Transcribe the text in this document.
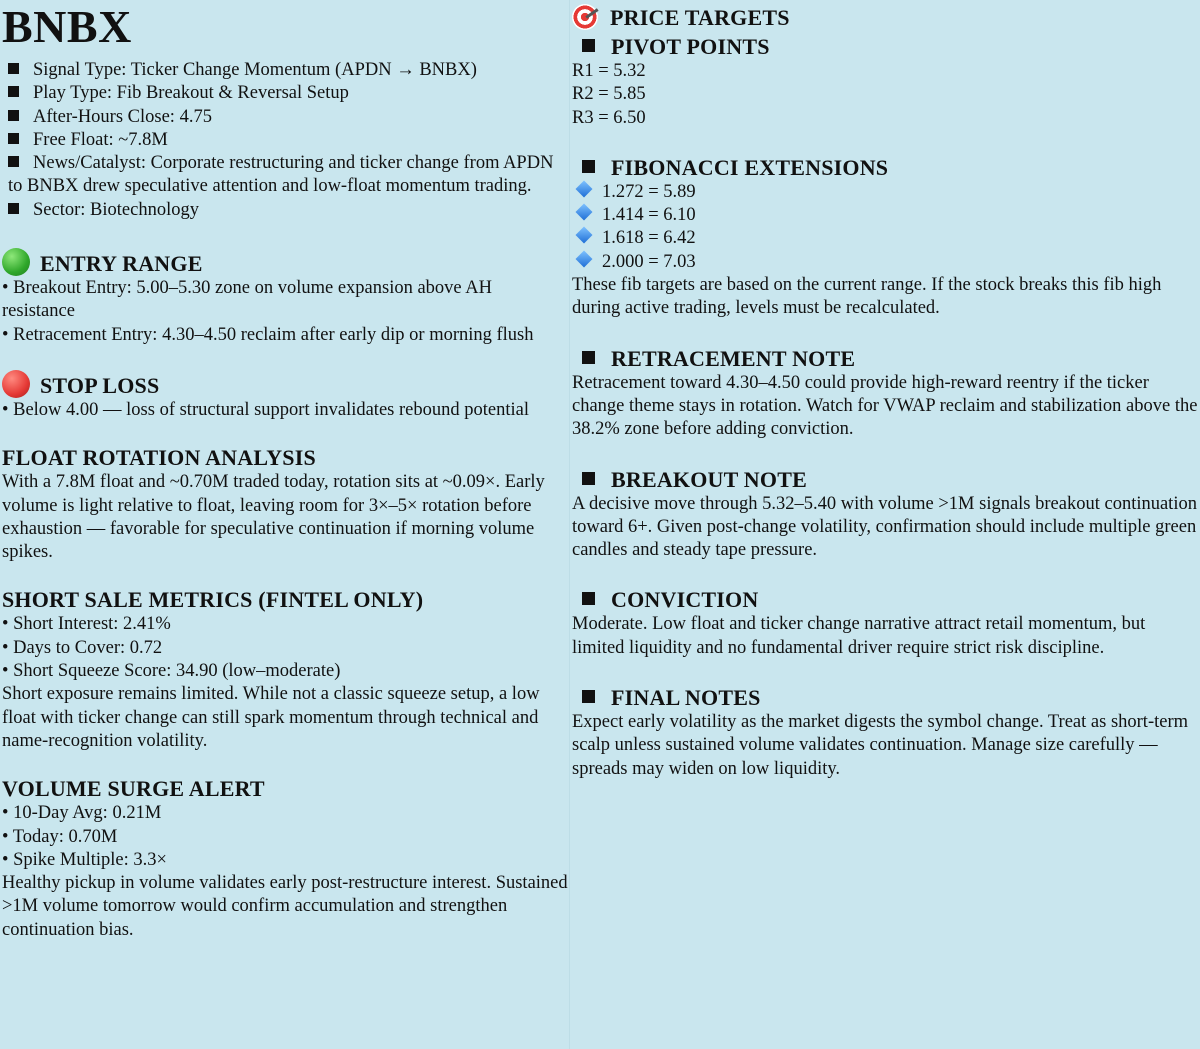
BNBX

Signal Type: Ticker Change Momentum (APDN → BNBX)

Play Type: Fib Breakout & Reversal Setup

After-Hours Close: 4.75

Free Float: ~7.8M

News/Catalyst: Corporate restructuring and ticker change from APDN to BNBX drew speculative attention and low-float momentum trading.

Sector: Biotechnology

ENTRY RANGE

• Breakout Entry: 5.00–5.30 zone on volume expansion above AH resistance

• Retracement Entry: 4.30–4.50 reclaim after early dip or morning flush

STOP LOSS

• Below 4.00 — loss of structural support invalidates rebound potential

FLOAT ROTATION ANALYSIS

With a 7.8M float and ~0.70M traded today, rotation sits at ~0.09×. Early volume is light relative to float, leaving room for 3×–5× rotation before exhaustion — favorable for speculative continuation if morning volume spikes.

SHORT SALE METRICS (FINTEL ONLY)

• Short Interest: 2.41%

• Days to Cover: 0.72

• Short Squeeze Score: 34.90 (low–moderate)

Short exposure remains limited. While not a classic squeeze setup, a low float with ticker change can still spark momentum through technical and name-recognition volatility.

VOLUME SURGE ALERT

• 10-Day Avg: 0.21M

• Today: 0.70M

• Spike Multiple: 3.3×

Healthy pickup in volume validates early post-restructure interest. Sustained >1M volume tomorrow would confirm accumulation and strengthen continuation bias.

PRICE TARGETS

PIVOT POINTS

R1 = 5.32

R2 = 5.85

R3 = 6.50

FIBONACCI EXTENSIONS

1.272 = 5.89

1.414 = 6.10

1.618 = 6.42

2.000 = 7.03

These fib targets are based on the current range. If the stock breaks this fib high during active trading, levels must be recalculated.

RETRACEMENT NOTE

Retracement toward 4.30–4.50 could provide high-reward reentry if the ticker change theme stays in rotation. Watch for VWAP reclaim and stabilization above the 38.2% zone before adding conviction.

BREAKOUT NOTE

A decisive move through 5.32–5.40 with volume >1M signals breakout continuation toward 6+. Given post-change volatility, confirmation should include multiple green candles and steady tape pressure.

CONVICTION

Moderate. Low float and ticker change narrative attract retail momentum, but limited liquidity and no fundamental driver require strict risk discipline.

FINAL NOTES

Expect early volatility as the market digests the symbol change. Treat as short-term scalp unless sustained volume validates continuation. Manage size carefully — spreads may widen on low liquidity.
